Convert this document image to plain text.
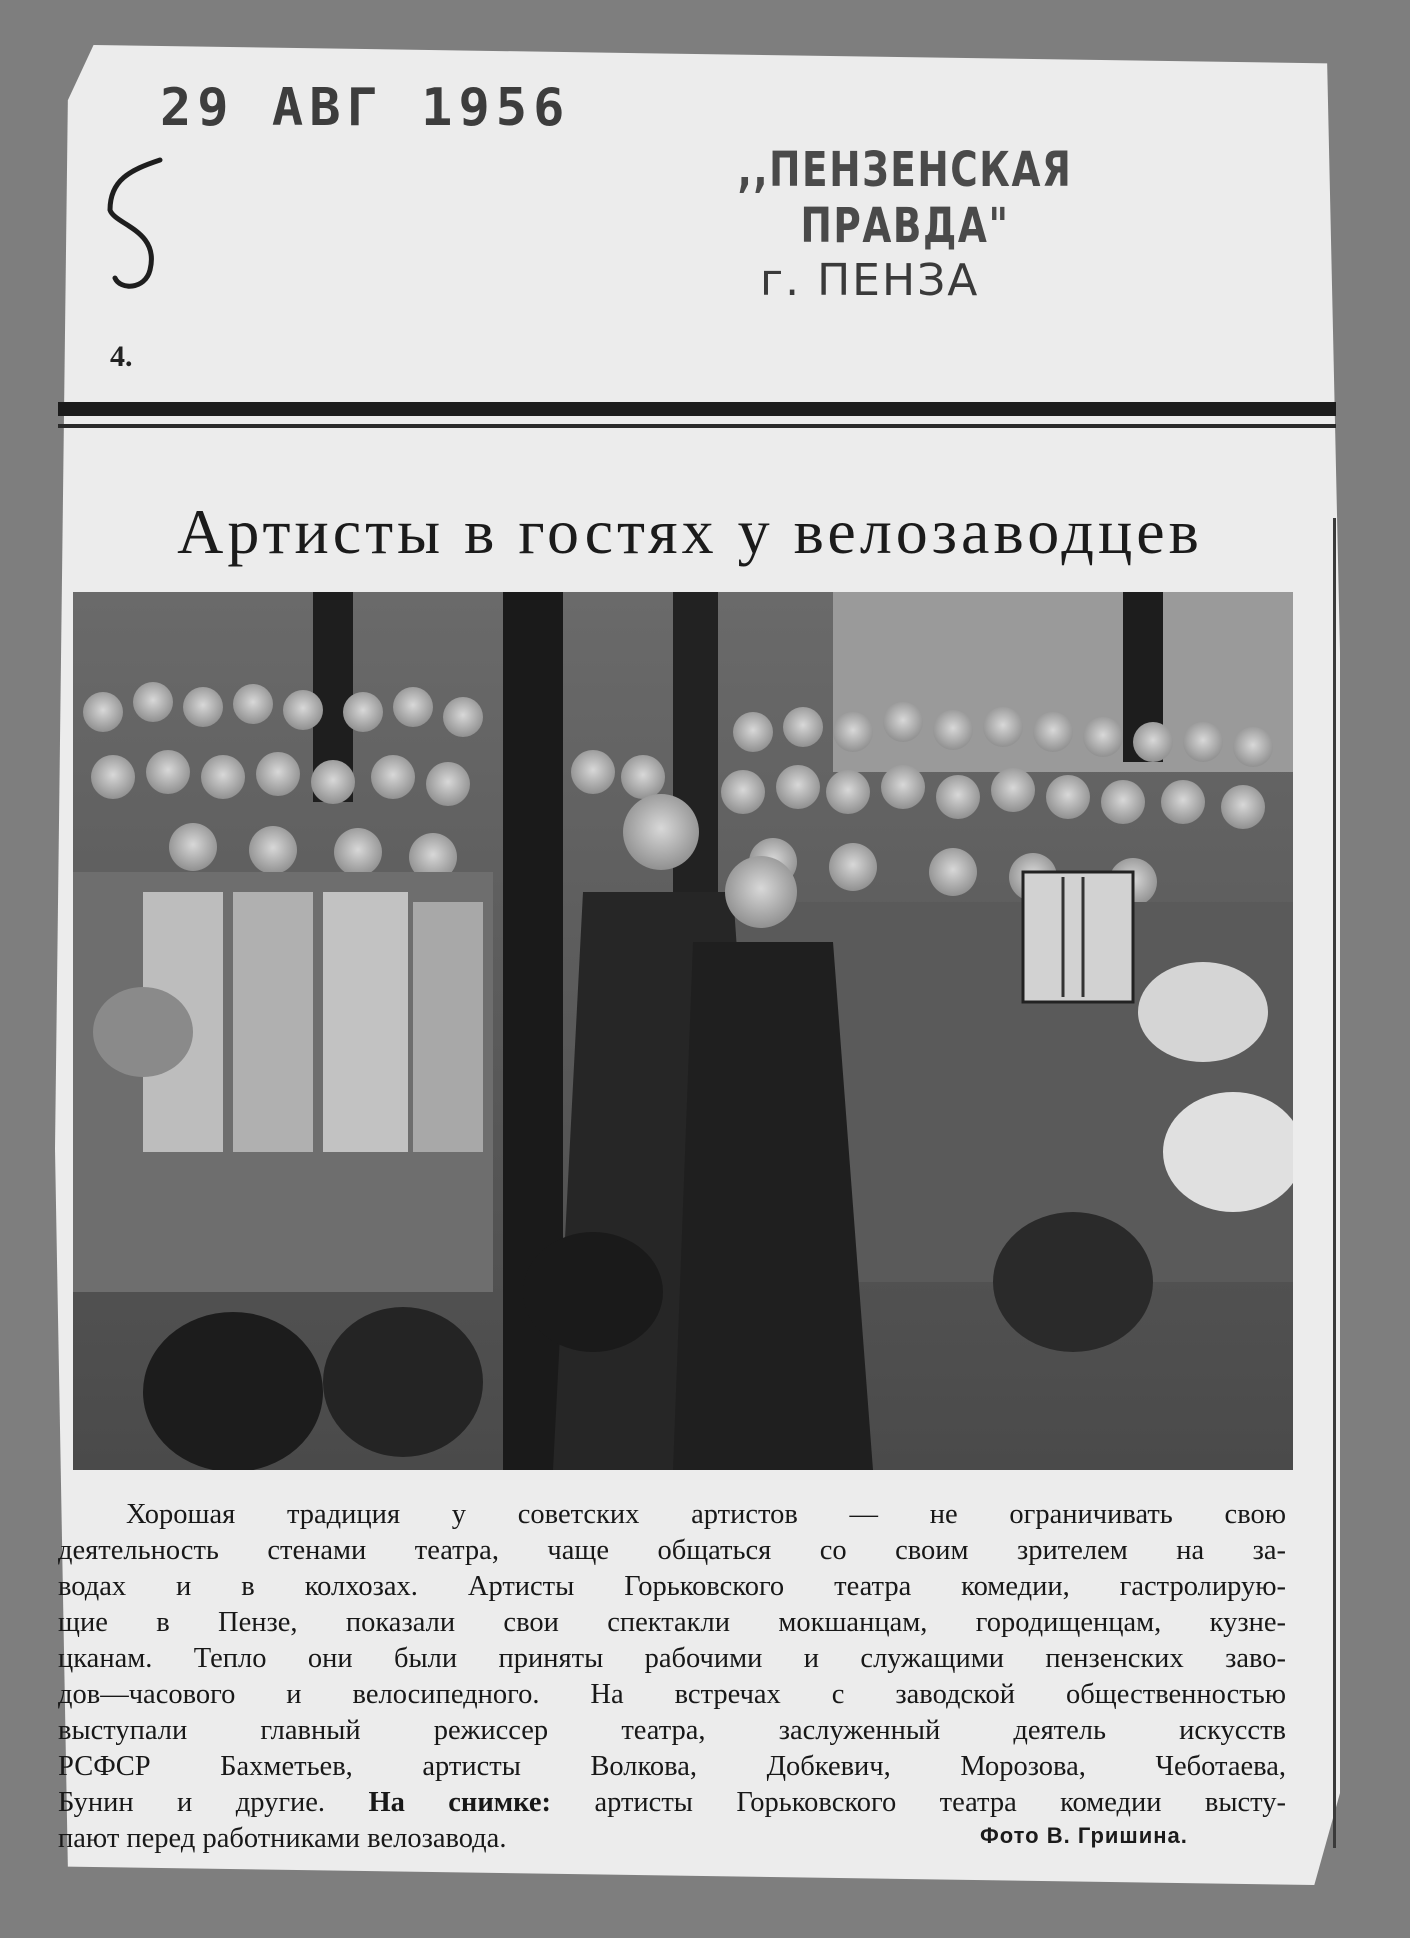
29 АВГ 1956
,,ПЕНЗЕНСКАЯ ПРАВДА"
г. ПЕНЗА
4.
Артисты в гостях у велозаводцев
Хорошая традиция у советских артистов — не ограничивать свою
деятельность стенами театра, чаще общаться со своим зрителем на за-
водах и в колхозах. Артисты Горьковского театра комедии, гастролирую-
щие в Пензе, показали свои спектакли мокшанцам, городищенцам, кузне-
цканам. Тепло они были приняты рабочими и служащими пензенских заво-
дов—часового и велосипедного. На встречах с заводской общественностью
выступали главный режиссер театра, заслуженный деятель искусств
РСФСР Бахметьев, артисты Волкова, Добкевич, Морозова, Чеботаева,
Бунин и другие. На снимке: артисты Горьковского театра комедии высту-
пают перед работниками велозавода.	Фото В. Гришина.
